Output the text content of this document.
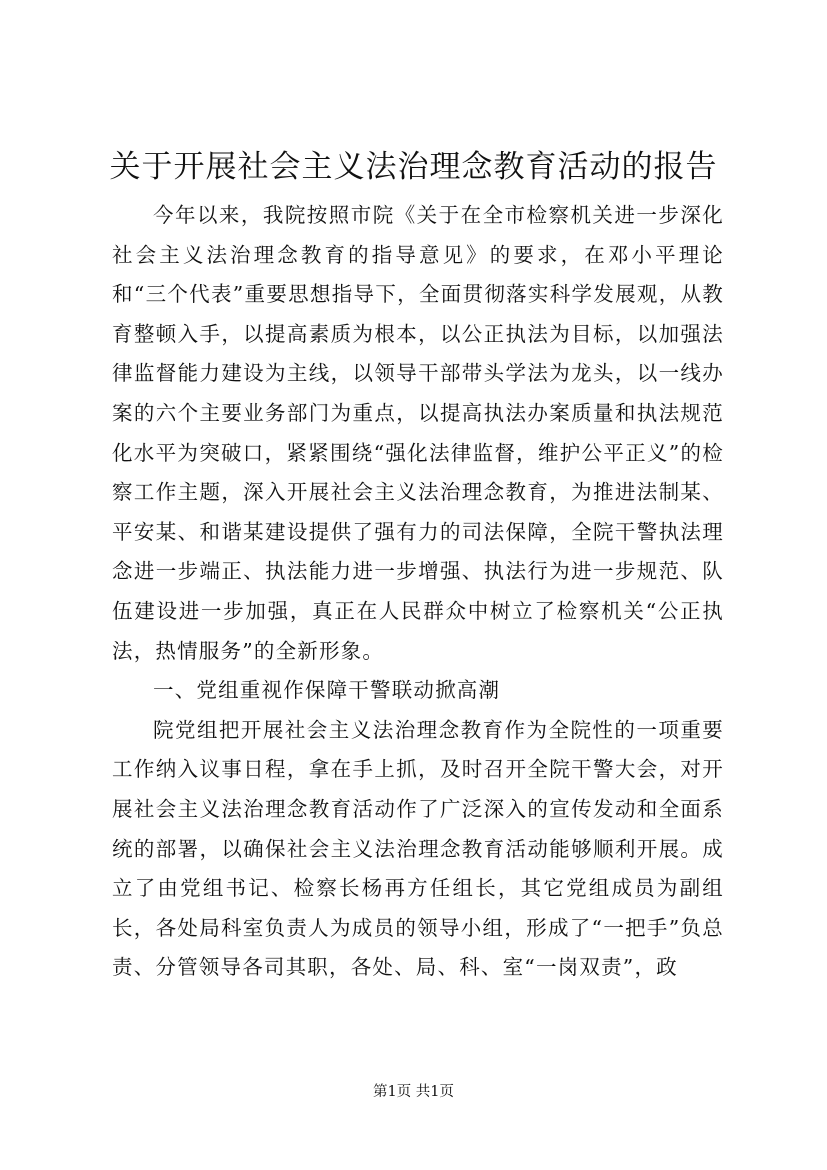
关于开展社会主义法治理念教育活动的报告

今年以来，我院按照市院《关于在全市检察机关进一步深化社会主义法治理念教育的指导意见》的要求，在邓小平理论和“三个代表”重要思想指导下，全面贯彻落实科学发展观，从教育整顿入手，以提高素质为根本，以公正执法为目标，以加强法律监督能力建设为主线，以领导干部带头学法为龙头，以一线办案的六个主要业务部门为重点，以提高执法办案质量和执法规范化水平为突破口，紧紧围绕“强化法律监督，维护公平正义”的检察工作主题，深入开展社会主义法治理念教育，为推进法制某、平安某、和谐某建设提供了强有力的司法保障，全院干警执法理念进一步端正、执法能力进一步增强、执法行为进一步规范、队伍建设进一步加强，真正在人民群众中树立了检察机关“公正执法，热情服务”的全新形象。

一、党组重视作保障干警联动掀高潮

院党组把开展社会主义法治理念教育作为全院性的一项重要工作纳入议事日程，拿在手上抓，及时召开全院干警大会，对开展社会主义法治理念教育活动作了广泛深入的宣传发动和全面系统的部署，以确保社会主义法治理念教育活动能够顺利开展。成立了由党组书记、检察长杨再方任组长，其它党组成员为副组长，各处局科室负责人为成员的领导小组，形成了“一把手”负总责、分管领导各司其职，各处、局、科、室“一岗双责”，政

第1页 共1页
